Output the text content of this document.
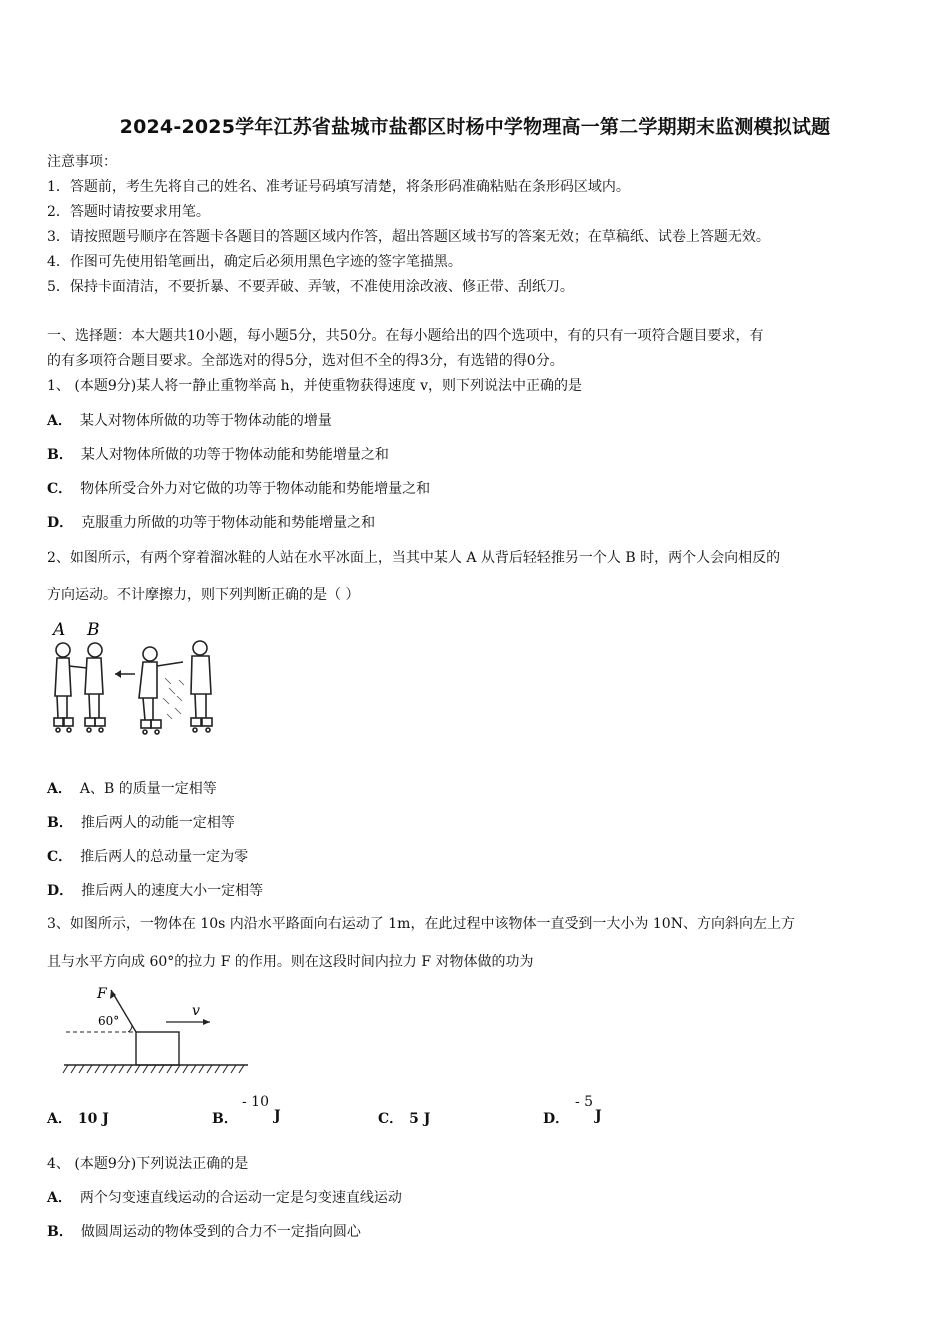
2024-2025学年江苏省盐城市盐都区时杨中学物理高一第二学期期末监测模拟试题
注意事项：
1．答题前，考生先将自己的姓名、准考证号码填写清楚，将条形码准确粘贴在条形码区域内。
2．答题时请按要求用笔。
3．请按照题号顺序在答题卡各题目的答题区域内作答，超出答题区域书写的答案无效；在草稿纸、试卷上答题无效。
4．作图可先使用铅笔画出，确定后必须用黑色字迹的签字笔描黑。
5．保持卡面清洁，不要折暴、不要弄破、弄皱，不准使用涂改液、修正带、刮纸刀。
一、选择题：本大题共10小题，每小题5分，共50分。在每小题给出的四个选项中，有的只有一项符合题目要求，有
的有多项符合题目要求。全部选对的得5分，选对但不全的得3分，有选错的得0分。
1、 (本题9分)某人将一静止重物举高 h，并使重物获得速度 v，则下列说法中正确的是
A． 某人对物体所做的功等于物体动能的增量
B． 某人对物体所做的功等于物体动能和势能增量之和
C． 物体所受合外力对它做的功等于物体动能和势能增量之和
D． 克服重力所做的功等于物体动能和势能增量之和
2、如图所示，有两个穿着溜冰鞋的人站在水平冰面上，当其中某人 A 从背后轻轻推另一个人 B 时，两个人会向相反的
方向运动。不计摩擦力，则下列判断正确的是（ ）
A B
A． A、B 的质量一定相等
B． 推后两人的动能一定相等
C． 推后两人的总动量一定为零
D． 推后两人的速度大小一定相等
3、如图所示，一物体在 10s 内沿水平路面向右运动了 1m，在此过程中该物体一直受到一大小为 10N、方向斜向左上方
且与水平方向成 60°的拉力 F 的作用。则在这段时间内拉力 F 对物体做的功为
F
60°
v
A． 10 J	B．
- 10
J	C． 5 J	D．
- 5
J
4、 (本题9分)下列说法正确的是
A． 两个匀变速直线运动的合运动一定是匀变速直线运动
B． 做圆周运动的物体受到的合力不一定指向圆心
